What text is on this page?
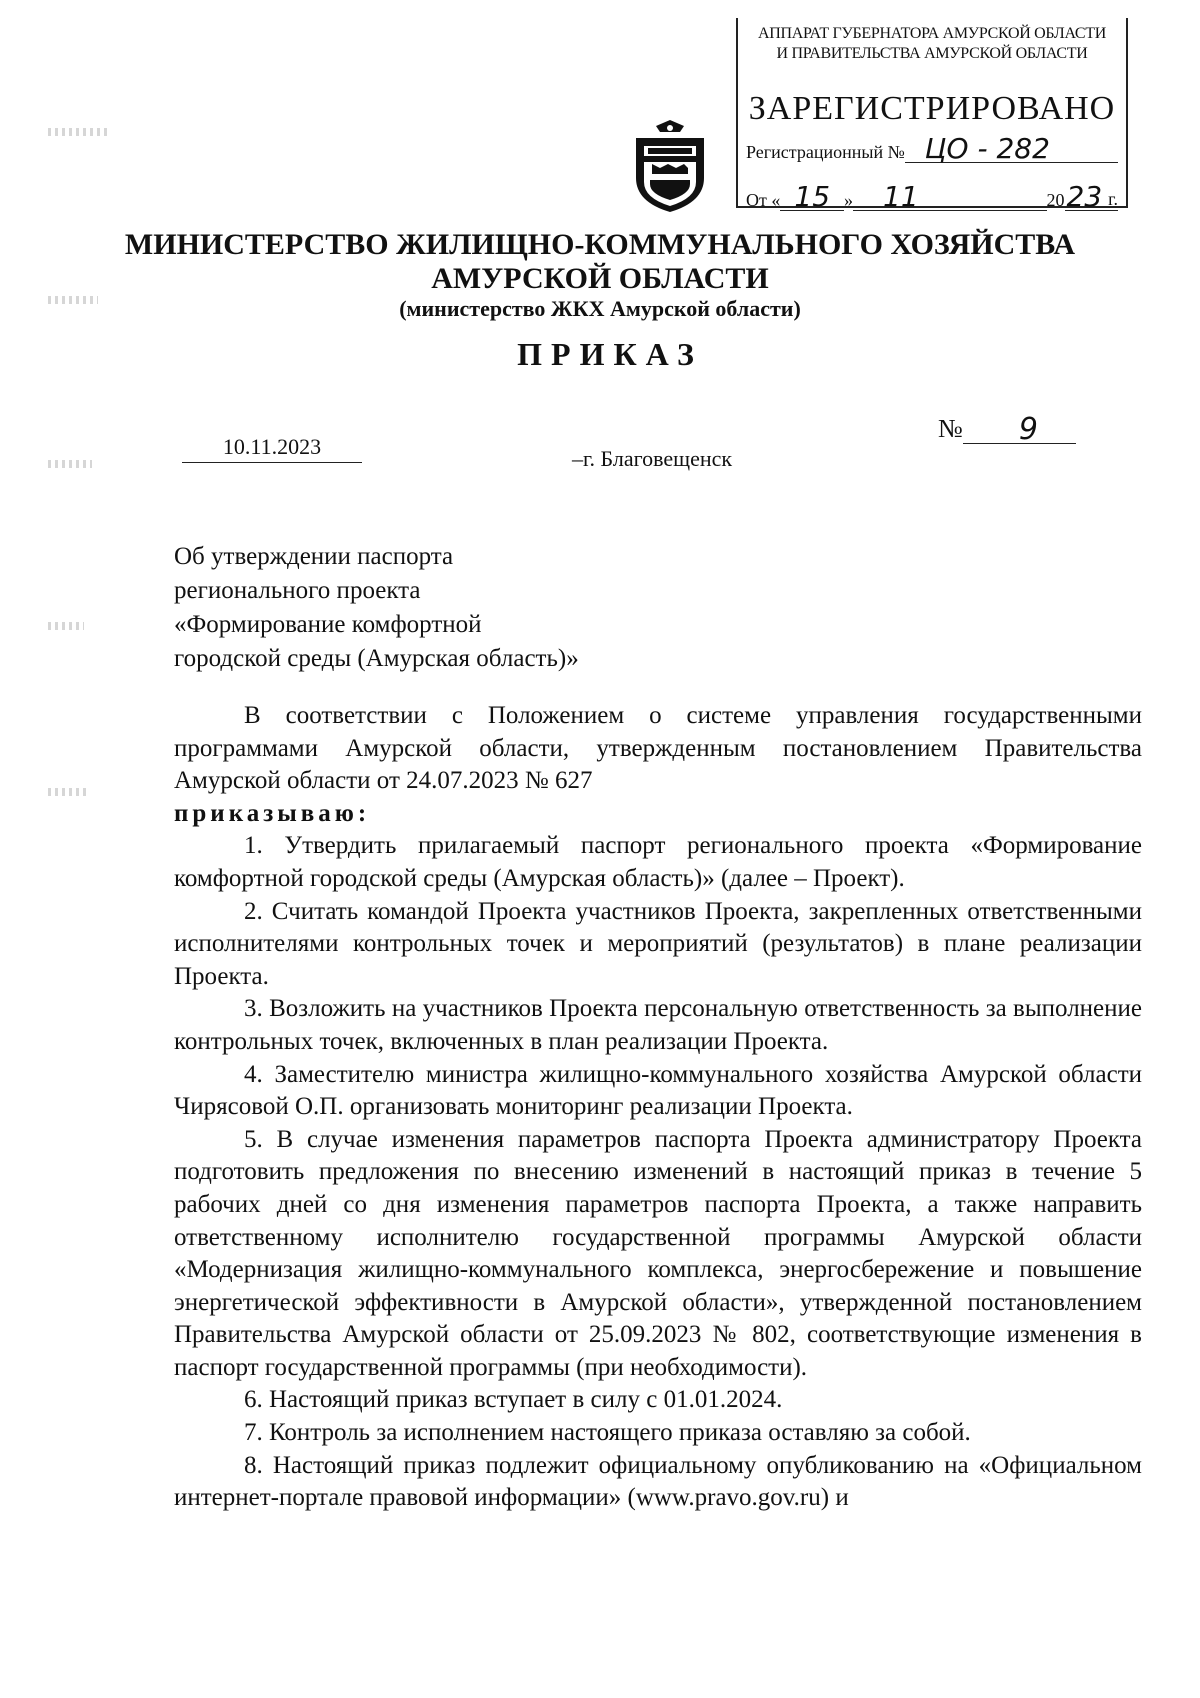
АППАРАТ ГУБЕРНАТОРА АМУРСКОЙ ОБЛАСТИ
И ПРАВИТЕЛЬСТВА АМУРСКОЙ ОБЛАСТИ
ЗАРЕГИСТРИРОВАНО
Регистрационный № ЦО - 282
От « 15 »	11	20 23 г.
МИНИСТЕРСТВО ЖИЛИЩНО-КОММУНАЛЬНОГО ХОЗЯЙСТВА
АМУРСКОЙ ОБЛАСТИ
(министерство ЖКХ Амурской области)
ПРИКАЗ
№	9
10.11.2023	–г. Благовещенск
Об утверждении паспорта
регионального проекта
«Формирование комфортной
городской среды (Амурская область)»

В соответствии с Положением о системе управления государственными программами Амурской области, утвержденным постановлением Правительства Амурской области от 24.07.2023 № 627

приказываю:

1. Утвердить прилагаемый паспорт регионального проекта «Формирование комфортной городской среды (Амурская область)» (далее – Проект).

2. Считать командой Проекта участников Проекта, закрепленных ответственными исполнителями контрольных точек и мероприятий (результатов) в плане реализации Проекта.

3. Возложить на участников Проекта персональную ответственность за выполнение контрольных точек, включенных в план реализации Проекта.

4. Заместителю министра жилищно-коммунального хозяйства Амурской области Чирясовой О.П. организовать мониторинг реализации Проекта.

5. В случае изменения параметров паспорта Проекта администратору Проекта подготовить предложения по внесению изменений в настоящий приказ в течение 5 рабочих дней со дня изменения параметров паспорта Проекта, а также направить ответственному исполнителю государственной программы Амурской области «Модернизация жилищно-коммунального комплекса, энергосбережение и повышение энергетической эффективности в Амурской области», утвержденной постановлением Правительства Амурской области от 25.09.2023 № 802, соответствующие изменения в паспорт государственной программы (при необходимости).

6. Настоящий приказ вступает в силу с 01.01.2024.

7. Контроль за исполнением настоящего приказа оставляю за собой.

8. Настоящий приказ подлежит официальному опубликованию на «Официальном интернет-портале правовой информации» (www.pravo.gov.ru) и
